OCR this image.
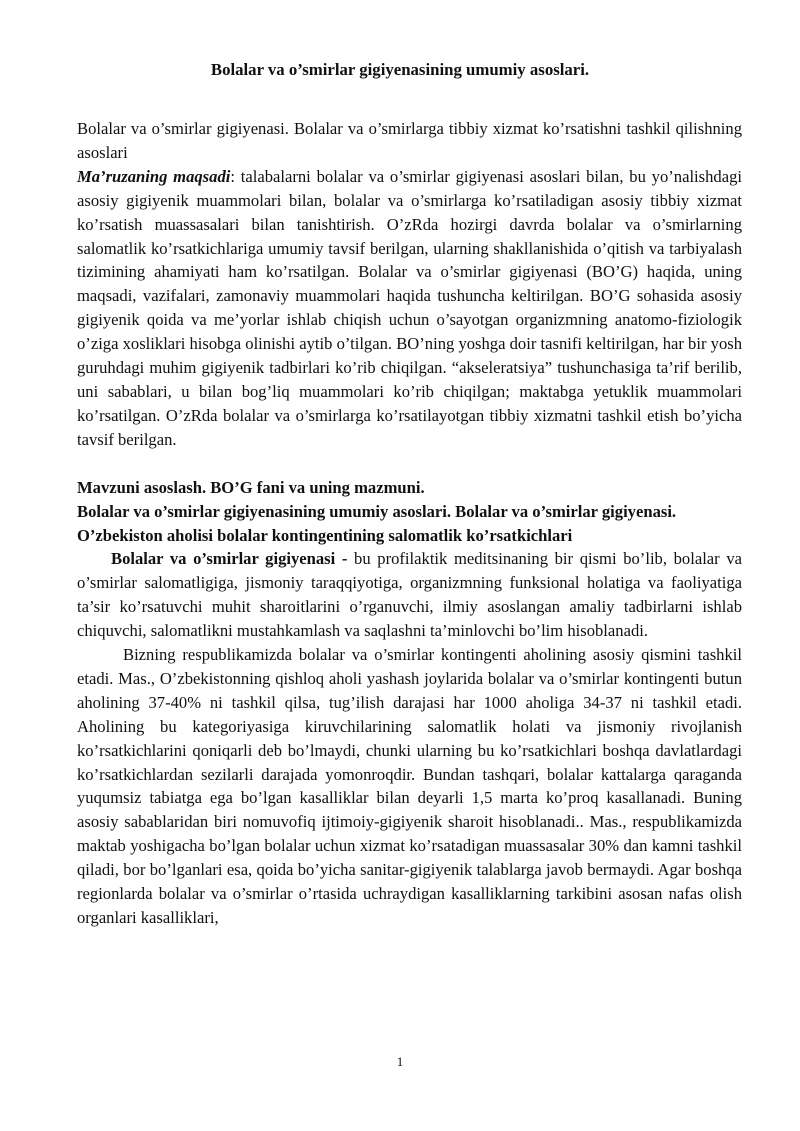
Bolalar va o’smirlar gigiyenasining umumiy asoslari.

Bolalar va o’smirlar gigiyenasi. Bolalar va o’smirlarga tibbiy xizmat ko’rsatishni tashkil qilishning asoslari

Ma’ruzaning maqsadi: talabalarni bolalar va o’smirlar gigiyenasi asoslari bilan, bu yo’nalishdagi asosiy gigiyenik muammolari bilan, bolalar va o’smirlarga ko’rsatiladigan asosiy tibbiy xizmat ko’rsatish muassasalari bilan tanishtirish. O’zRda hozirgi davrda bolalar va o’smirlarning salomatlik ko’rsatkichlariga umumiy tavsif berilgan, ularning shakllanishida o’qitish va tarbiyalash tizimining ahamiyati ham ko’rsatilgan. Bolalar va o’smirlar gigiyenasi (BO’G) haqida, uning maqsadi, vazifalari, zamonaviy muammolari haqida tushuncha keltirilgan. BO’G sohasida asosiy gigiyenik qoida va me’yorlar ishlab chiqish uchun o’sayotgan organizmning anatomo-fiziologik o’ziga xosliklari hisobga olinishi aytib o’tilgan. BO’ning yoshga doir tasnifi keltirilgan, har bir yosh guruhdagi muhim gigiyenik tadbirlari ko’rib chiqilgan. “akseleratsiya” tushunchasiga ta’rif berilib, uni sabablari, u bilan bog’liq muammolari ko’rib chiqilgan; maktabga yetuklik muammolari ko’rsatilgan. O’zRda bolalar va o’smirlarga ko’rsatilayotgan tibbiy xizmatni tashkil etish bo’yicha tavsif berilgan.

Mavzuni asoslash. BO’G fani va uning mazmuni.

Bolalar va o’smirlar gigiyenasining umumiy asoslari. Bolalar va o’smirlar gigiyenasi. O’zbekiston aholisi bolalar kontingentining salomatlik ko’rsatkichlari

Bolalar va o’smirlar gigiyenasi - bu profilaktik meditsinaning bir qismi bo’lib, bolalar va o’smirlar salomatligiga, jismoniy taraqqiyotiga, organizmning funksional holatiga va faoliyatiga ta’sir ko’rsatuvchi muhit sharoitlarini o’rganuvchi, ilmiy asoslangan amaliy tadbirlarni ishlab chiquvchi, salomatlikni mustahkamlash va saqlashni ta’minlovchi bo’lim hisoblanadi.

Bizning respublikamizda bolalar va o’smirlar kontingenti aholining asosiy qismini tashkil etadi. Mas., O’zbekistonning qishloq aholi yashash joylarida bolalar va o’smirlar kontingenti butun aholining 37-40% ni tashkil qilsa, tug’ilish darajasi har 1000 aholiga 34-37 ni tashkil etadi. Aholining bu kategoriyasiga kiruvchilarining salomatlik holati va jismoniy rivojlanish ko’rsatkichlarini qoniqarli deb bo’lmaydi, chunki ularning bu ko’rsatkichlari boshqa davlatlardagi ko’rsatkichlardan sezilarli darajada yomonroqdir. Bundan tashqari, bolalar kattalarga qaraganda yuqumsiz tabiatga ega bo’lgan kasalliklar bilan deyarli 1,5 marta ko’proq kasallanadi. Buning asosiy sabablaridan biri nomuvofiq ijtimoiy-gigiyenik sharoit hisoblanadi.. Mas., respublikamizda maktab yoshigacha bo’lgan bolalar uchun xizmat ko’rsatadigan muassasalar 30% dan kamni tashkil qiladi, bor bo’lganlari esa, qoida bo’yicha sanitar-gigiyenik talablarga javob bermaydi. Agar boshqa regionlarda bolalar va o’smirlar o’rtasida uchraydigan kasalliklarning tarkibini asosan nafas olish organlari kasalliklari,

1
